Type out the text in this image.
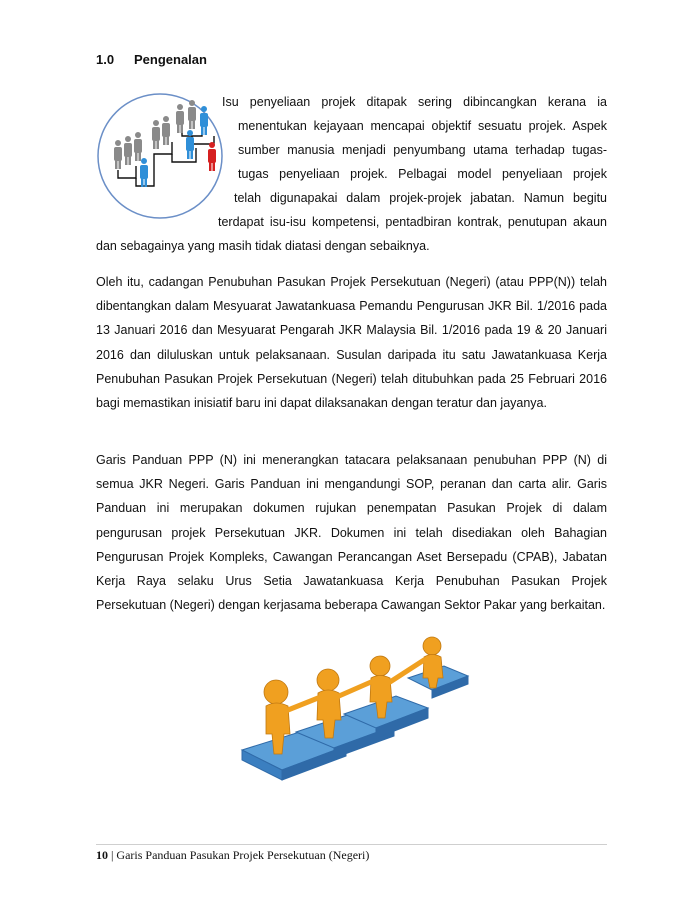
1.0 Pengenalan
Isu penyeliaan projek ditapak sering dibincangkan kerana ia
menentukan kejayaan mencapai objektif sesuatu projek. Aspek
sumber manusia menjadi penyumbang utama terhadap tugas-
tugas penyeliaan projek. Pelbagai model penyeliaan projek
telah digunapakai dalam projek-projek jabatan. Namun begitu
terdapat isu-isu kompetensi, pentadbiran kontrak, penutupan akaun
dan sebagainya yang masih tidak diatasi dengan sebaiknya.
Oleh itu, cadangan Penubuhan Pasukan Projek Persekutuan (Negeri) (atau PPP(N)) telah dibentangkan dalam Mesyuarat Jawatankuasa Pemandu Pengurusan JKR Bil. 1/2016 pada 13 Januari 2016 dan Mesyuarat Pengarah JKR Malaysia Bil. 1/2016 pada 19 & 20 Januari 2016 dan diluluskan untuk pelaksanaan. Susulan daripada itu satu Jawatankuasa Kerja Penubuhan Pasukan Projek Persekutuan (Negeri) telah ditubuhkan pada 25 Februari 2016 bagi memastikan inisiatif baru ini dapat dilaksanakan dengan teratur dan jayanya.
Garis Panduan PPP (N) ini menerangkan tatacara pelaksanaan penubuhan PPP (N) di semua JKR Negeri. Garis Panduan ini mengandungi SOP, peranan dan carta alir. Garis Panduan ini merupakan dokumen rujukan penempatan Pasukan Projek di dalam pengurusan projek Persekutuan JKR. Dokumen ini telah disediakan oleh Bahagian Pengurusan Projek Kompleks, Cawangan Perancangan Aset Bersepadu (CPAB), Jabatan Kerja Raya selaku Urus Setia Jawatankuasa Kerja Penubuhan Pasukan Projek Persekutuan (Negeri) dengan kerjasama beberapa Cawangan Sektor Pakar yang berkaitan.
10 | Garis Panduan Pasukan Projek Persekutuan (Negeri)
